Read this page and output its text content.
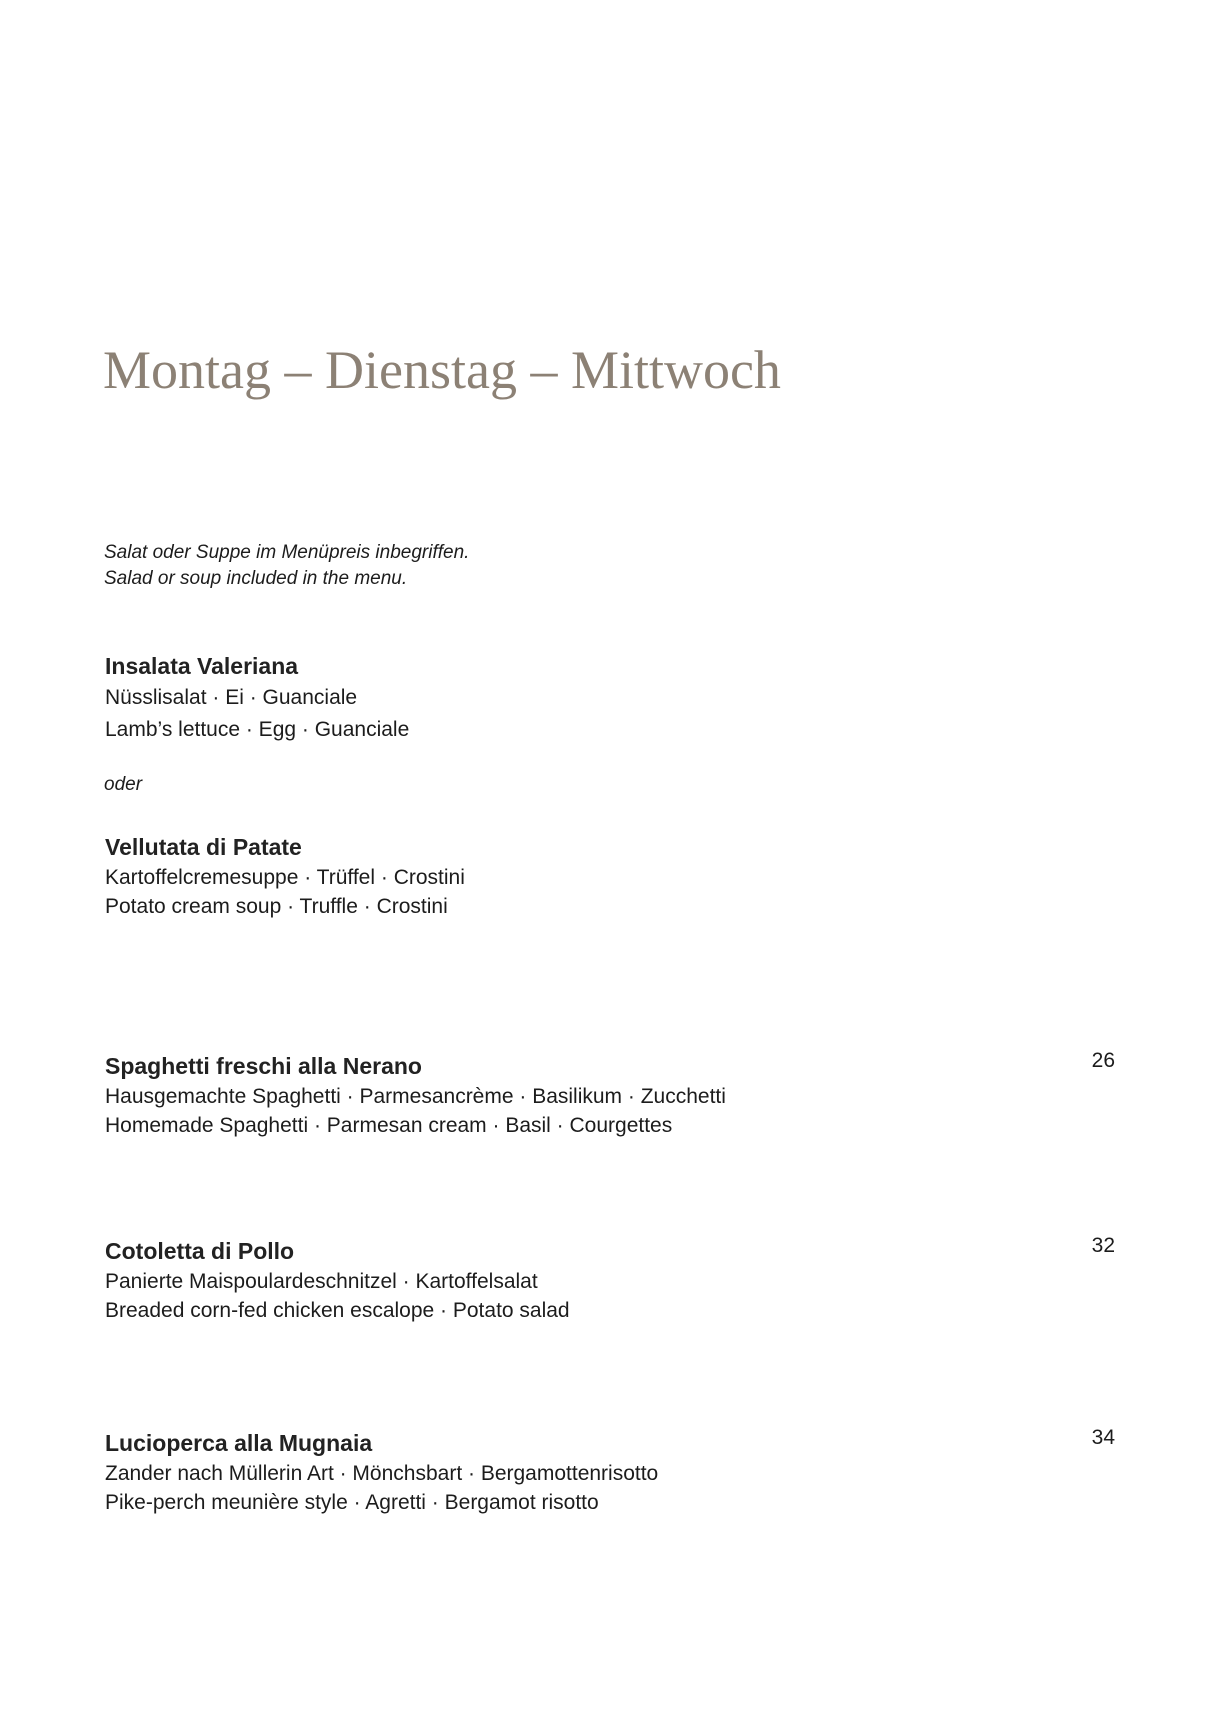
Montag – Dienstag – Mittwoch
Salat oder Suppe im Menüpreis inbegriffen.
Salad or soup included in the menu.
Insalata Valeriana
Nüsslisalat · Ei · Guanciale
Lamb’s lettuce · Egg · Guanciale
oder
Vellutata di Patate
Kartoffelcremesuppe · Trüffel · Crostini
Potato cream soup · Truffle · Crostini
Spaghetti freschi alla Nerano
Hausgemachte Spaghetti · Parmesancrème · Basilikum · Zucchetti
Homemade Spaghetti · Parmesan cream · Basil · Courgettes
26
Cotoletta di Pollo
Panierte Maispoulardeschnitzel · Kartoffelsalat
Breaded corn-fed chicken escalope · Potato salad
32
Lucioperca alla Mugnaia
Zander nach Müllerin Art · Mönchsbart · Bergamottenrisotto
Pike-perch meunière style · Agretti · Bergamot risotto
34
